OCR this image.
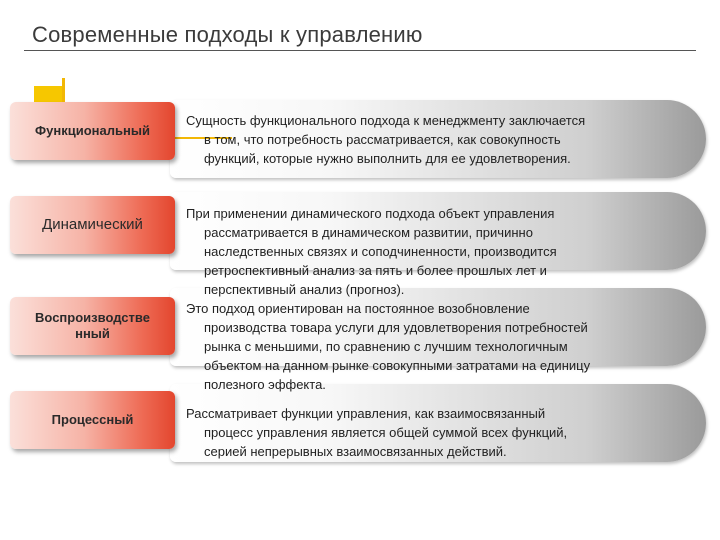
Современные подходы к управлению
Функциональный
Динамический
Воспроизводстве
нный
Процессный
Сущность функционального подхода к менеджменту заключается
в том, что потребность рассматривается, как совокупность
функций, которые нужно выполнить для ее удовлетворения.
При применении динамического подхода объект управления
рассматривается в динамическом развитии, причинно
наследственных связях и соподчиненности, производится
ретроспективный анализ за пять и более прошлых лет и
перспективный анализ (прогноз).
Это подход ориентирован на постоянное возобновление
производства товара услуги для удовлетворения потребностей
рынка с меньшими, по сравнению с лучшим технологичным
объектом на данном рынке совокупными затратами на единицу
полезного эффекта.
Рассматривает функции управления, как взаимосвязанный
процесс управления является общей суммой всех функций,
серией непрерывных взаимосвязанных действий.
